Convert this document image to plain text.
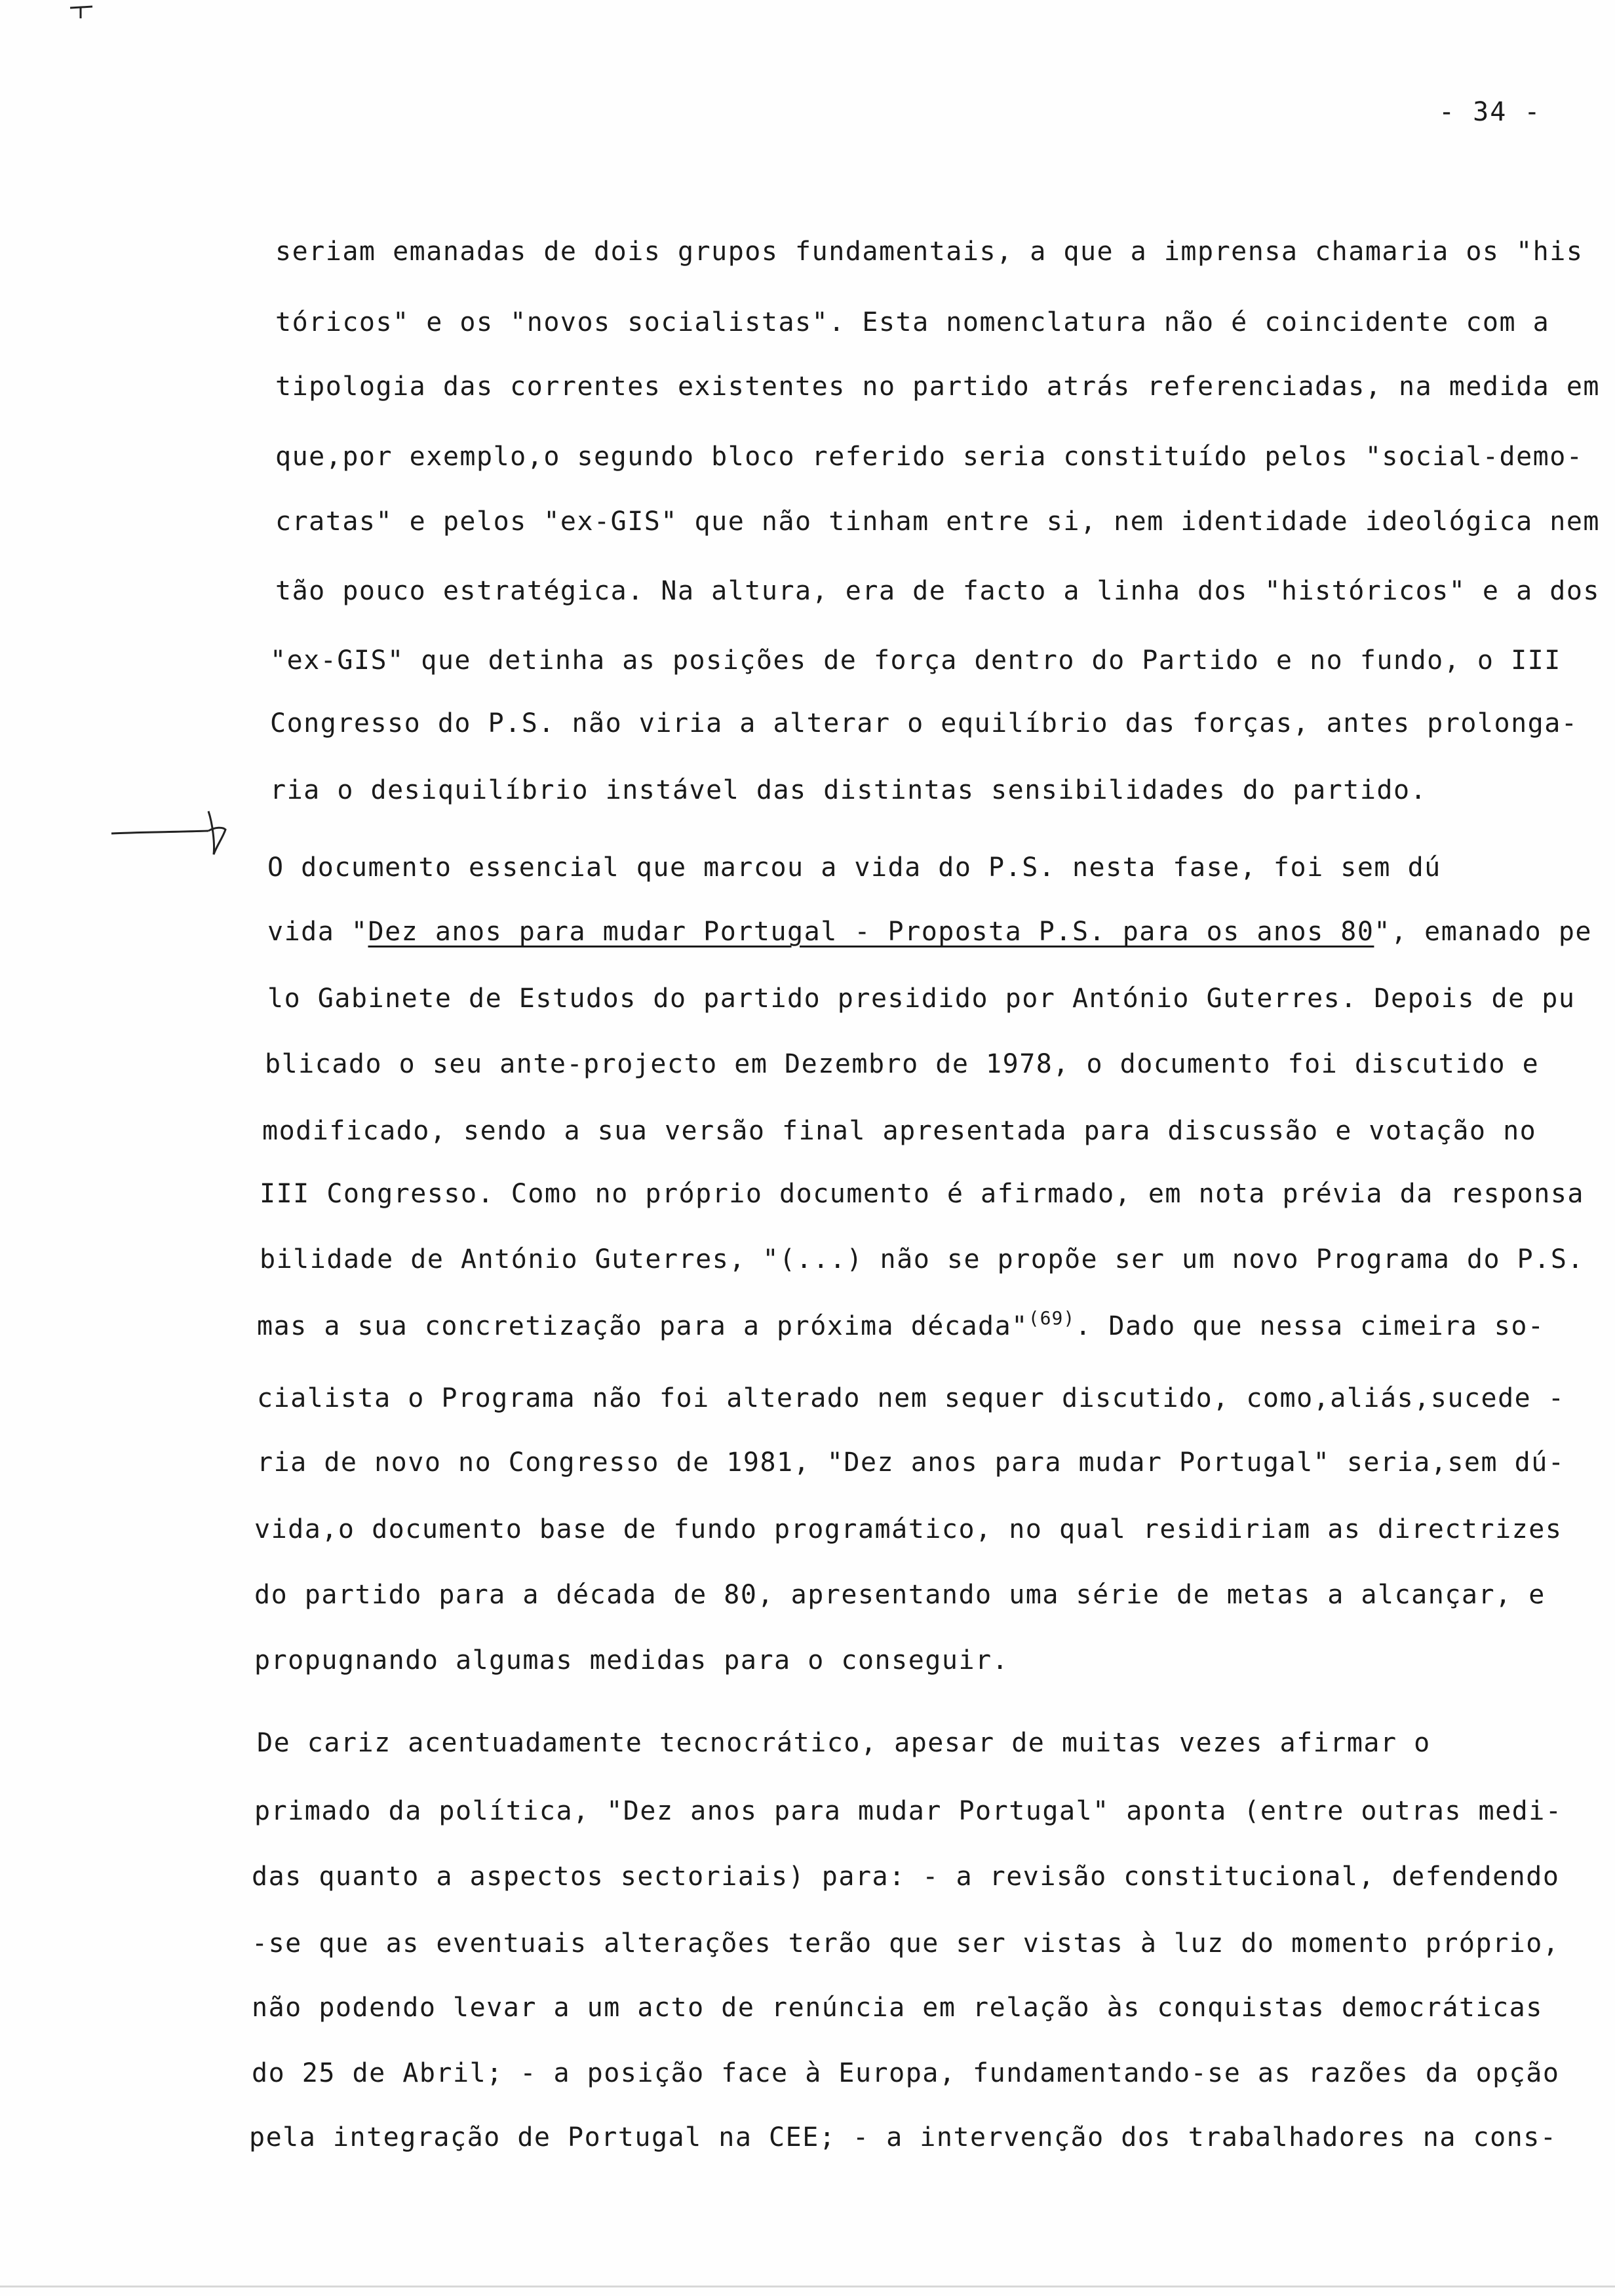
- 34 -
seriam emanadas de dois grupos fundamentais, a que a imprensa chamaria os "his
tóricos" e os "novos socialistas". Esta nomenclatura não é coincidente com a
tipologia das correntes existentes no partido atrás referenciadas, na medida em
que,por exemplo,o segundo bloco referido seria constituído pelos "social-demo-
cratas" e pelos "ex-GIS" que não tinham entre si, nem identidade ideológica nem
tão pouco estratégica. Na altura, era de facto a linha dos "históricos" e a dos
"ex-GIS" que detinha as posições de força dentro do Partido e no fundo, o III
Congresso do P.S. não viria a alterar o equilíbrio das forças, antes prolonga-
ria o desiquilíbrio instável das distintas sensibilidades do partido.
O documento essencial que marcou a vida do P.S. nesta fase, foi sem dú
vida "Dez anos para mudar Portugal - Proposta P.S. para os anos 80", emanado pe
lo Gabinete de Estudos do partido presidido por António Guterres. Depois de pu
blicado o seu ante-projecto em Dezembro de 1978, o documento foi discutido e
modificado, sendo a sua versão final apresentada para discussão e votação no
III Congresso. Como no próprio documento é afirmado, em nota prévia da responsa
bilidade de António Guterres, "(...) não se propõe ser um novo Programa do P.S.
mas a sua concretização para a próxima década"$^{(69)}$. Dado que nessa cimeira so-
cialista o Programa não foi alterado nem sequer discutido, como,aliás,sucede -
ria de novo no Congresso de 1981, "Dez anos para mudar Portugal" seria,sem dú-
vida,o documento base de fundo programático, no qual residiriam as directrizes
do partido para a década de 80, apresentando uma série de metas a alcançar, e
propugnando algumas medidas para o conseguir.
De cariz acentuadamente tecnocrático, apesar de muitas vezes afirmar o
primado da política, "Dez anos para mudar Portugal" aponta (entre outras medi-
das quanto a aspectos sectoriais) para: - a revisão constitucional, defendendo
-se que as eventuais alterações terão que ser vistas à luz do momento próprio,
não podendo levar a um acto de renúncia em relação às conquistas democráticas
do 25 de Abril; - a posição face à Europa, fundamentando-se as razões da opção
pela integração de Portugal na CEE; - a intervenção dos trabalhadores na cons-
